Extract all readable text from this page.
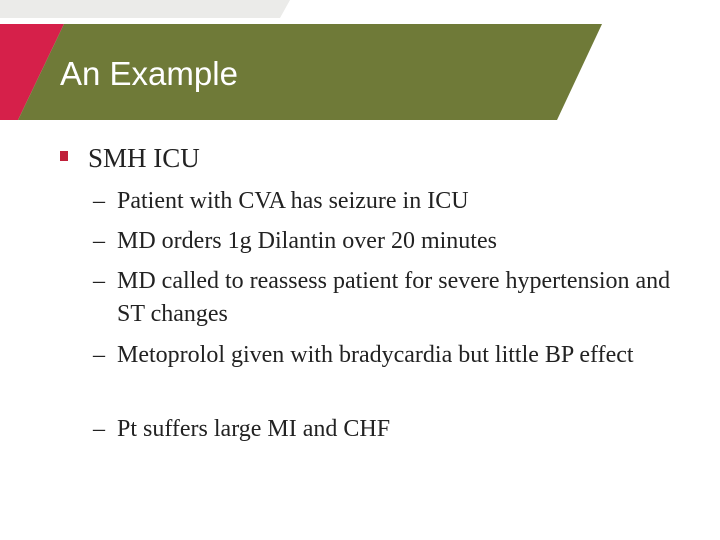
An Example
SMH ICU
– Patient with CVA has seizure in ICU
– MD orders 1g Dilantin over 20 minutes
– MD called to reassess patient for severe hypertension and ST changes
– Metoprolol given with bradycardia but little BP effect
– Pt suffers large MI and CHF
